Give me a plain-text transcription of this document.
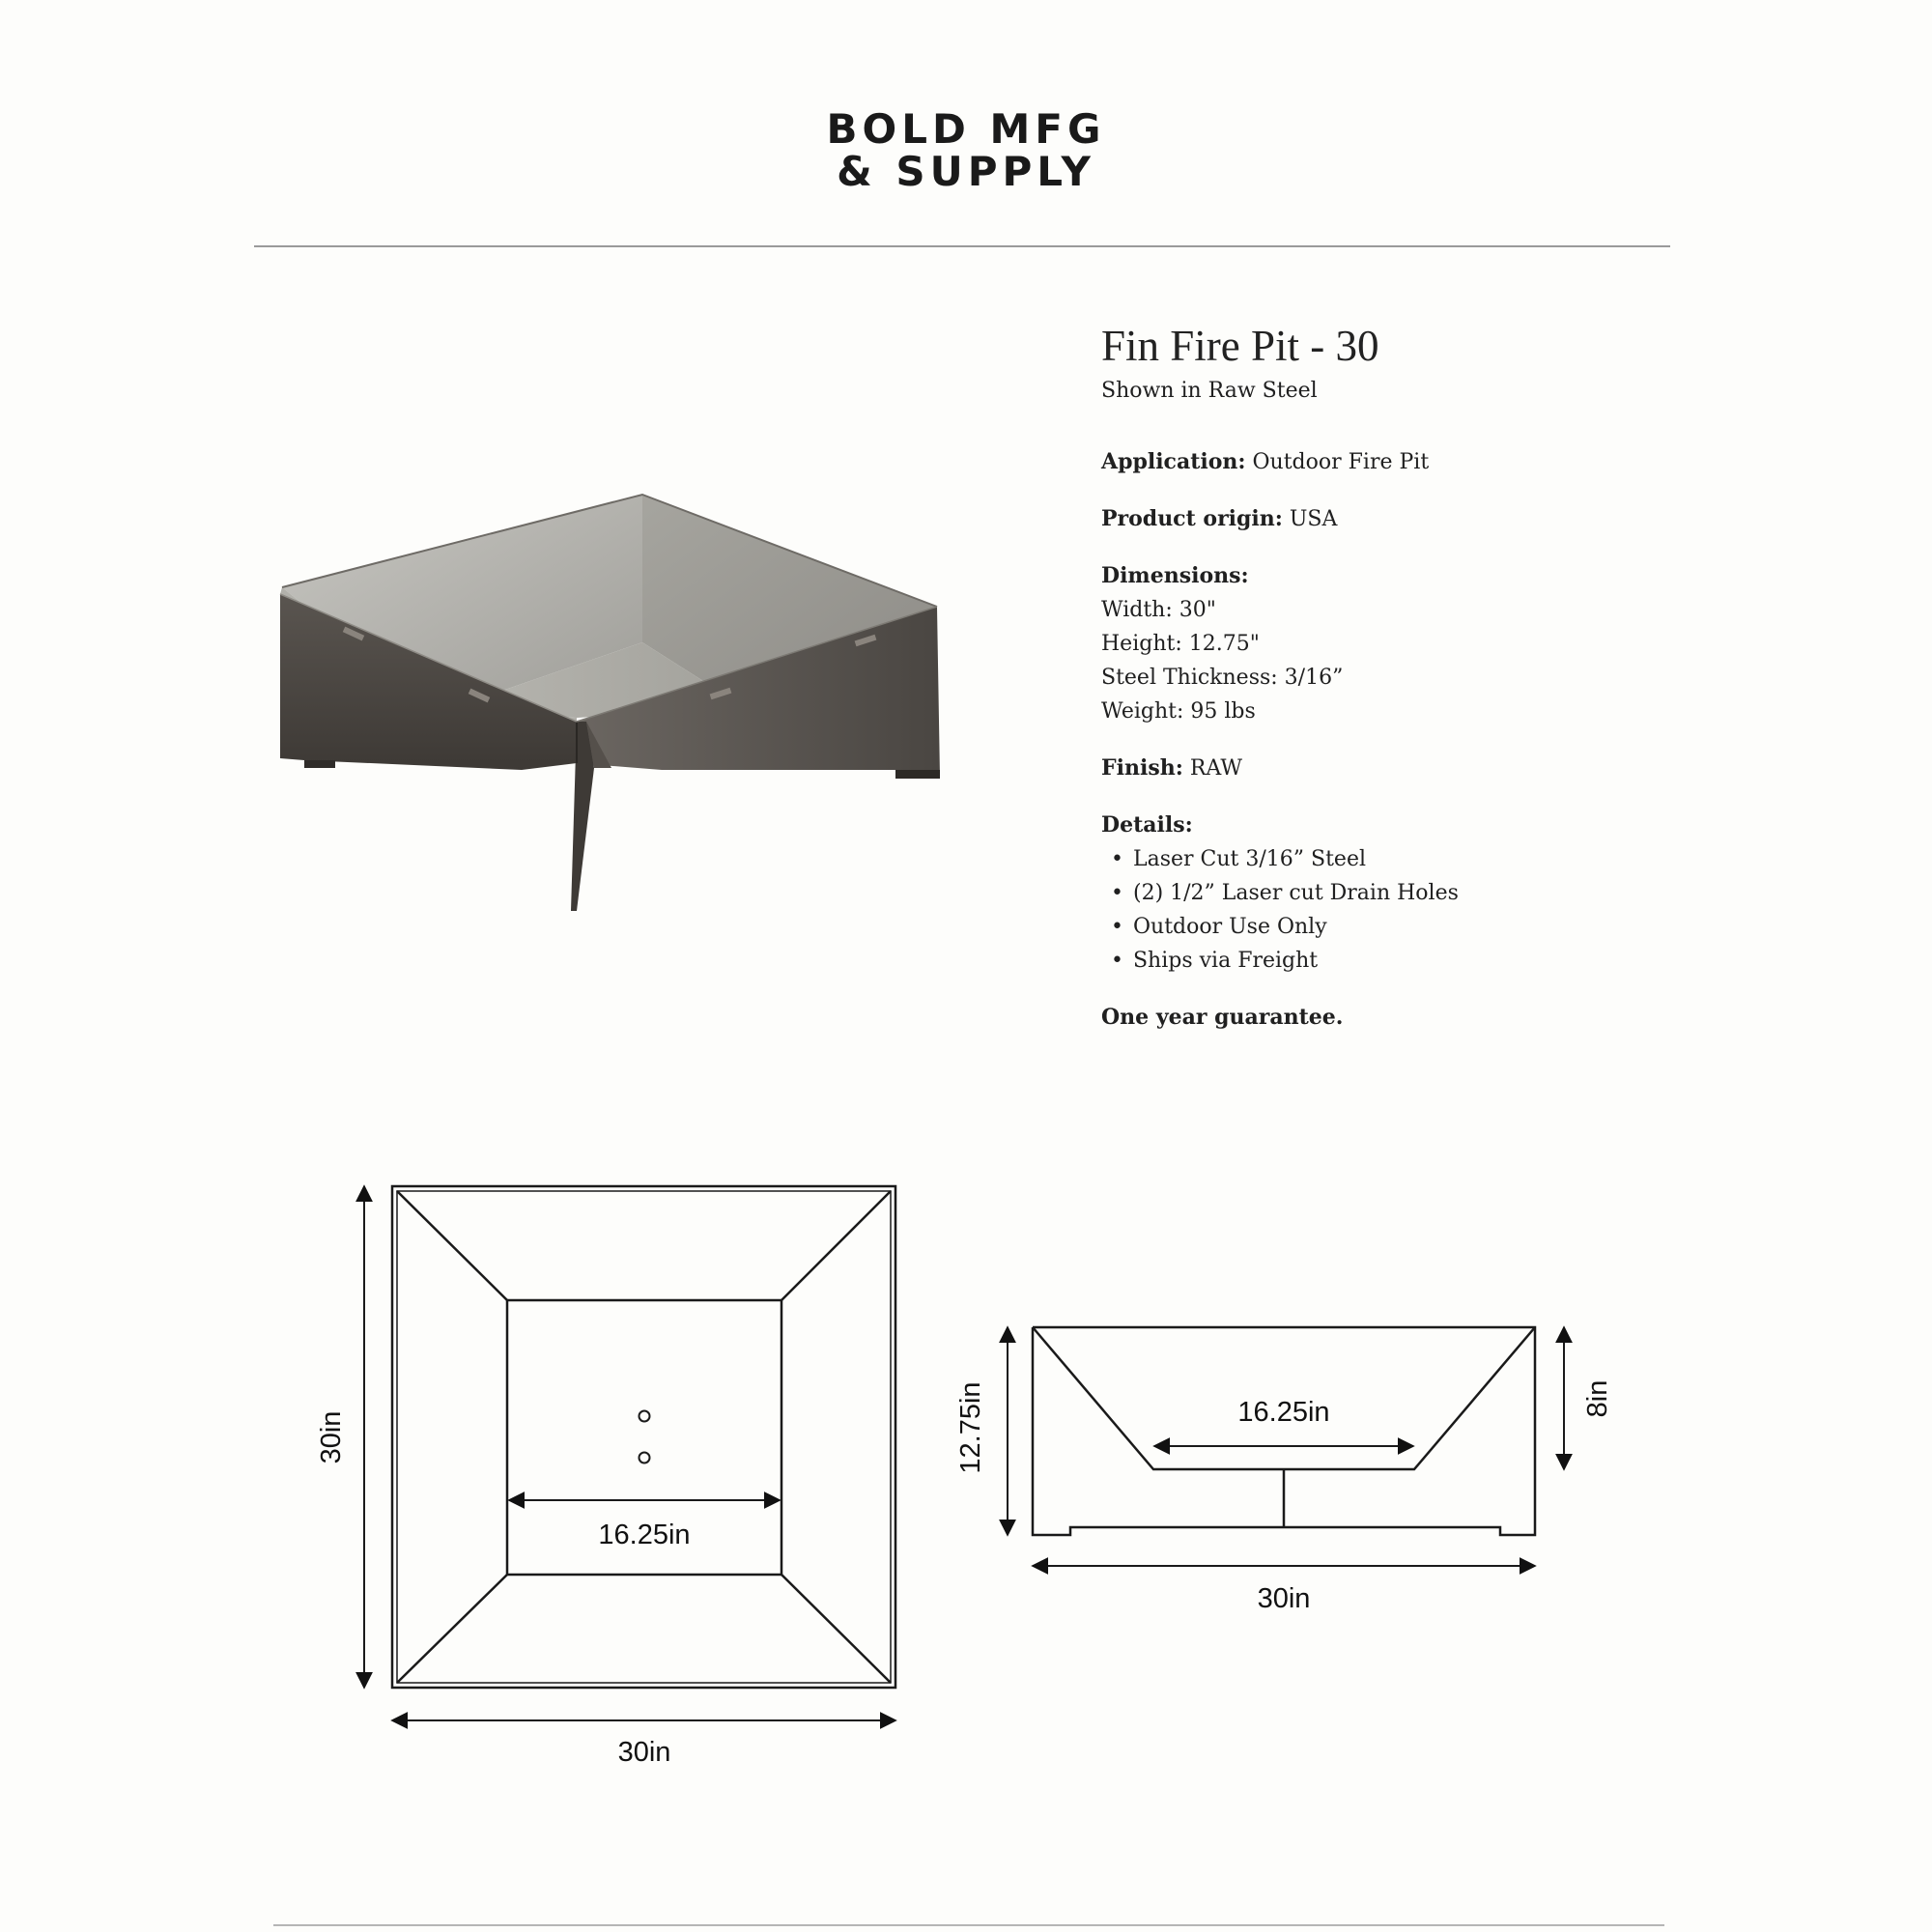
BOLD MFG
& SUPPLY
Fin Fire Pit - 30
Shown in Raw Steel
Application: Outdoor Fire Pit
Product origin: USA
Dimensions:
Width: 30"
Height: 12.75"
Steel Thickness: 3/16”
Weight: 95 lbs
Finish: RAW
Details:
• Laser Cut 3/16” Steel
• (2) 1/2” Laser cut Drain Holes
• Outdoor Use Only
• Ships via Freight
One year guarantee.
16.25in
30in
30in
16.25in
12.75in	8in
30in
